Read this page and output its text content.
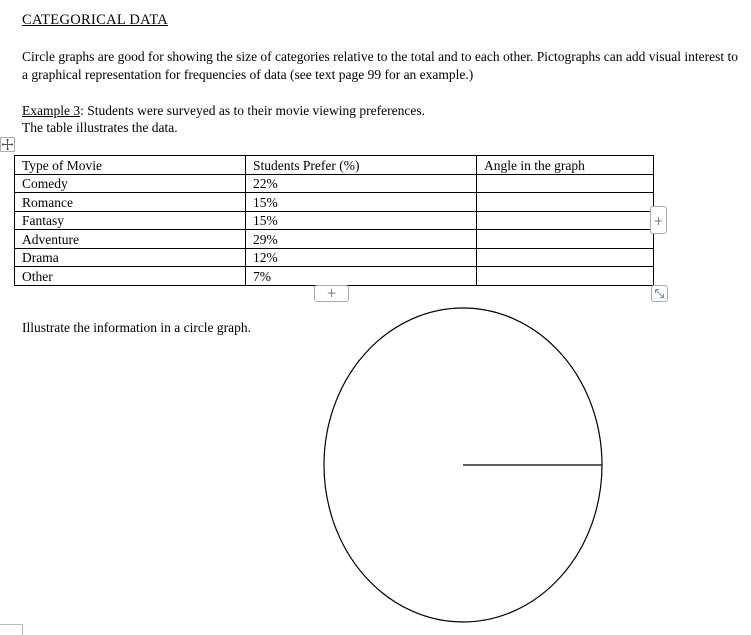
CATEGORICAL DATA
Circle graphs are good for showing the size of categories relative to the total and to each other. Pictographs can add visual interest to a graphical representation for frequencies of data (see text page 99 for an example.)
Example 3: Students were surveyed as to their movie viewing preferences.
The table illustrates the data.
Type of Movie	Students Prefer (%)	Angle in the graph
Comedy	22%	
Romance	15%	
Fantasy	15%	
Adventure	29%	
Drama	12%	
Other	7%	
+
+
Illustrate the information in a circle graph.
